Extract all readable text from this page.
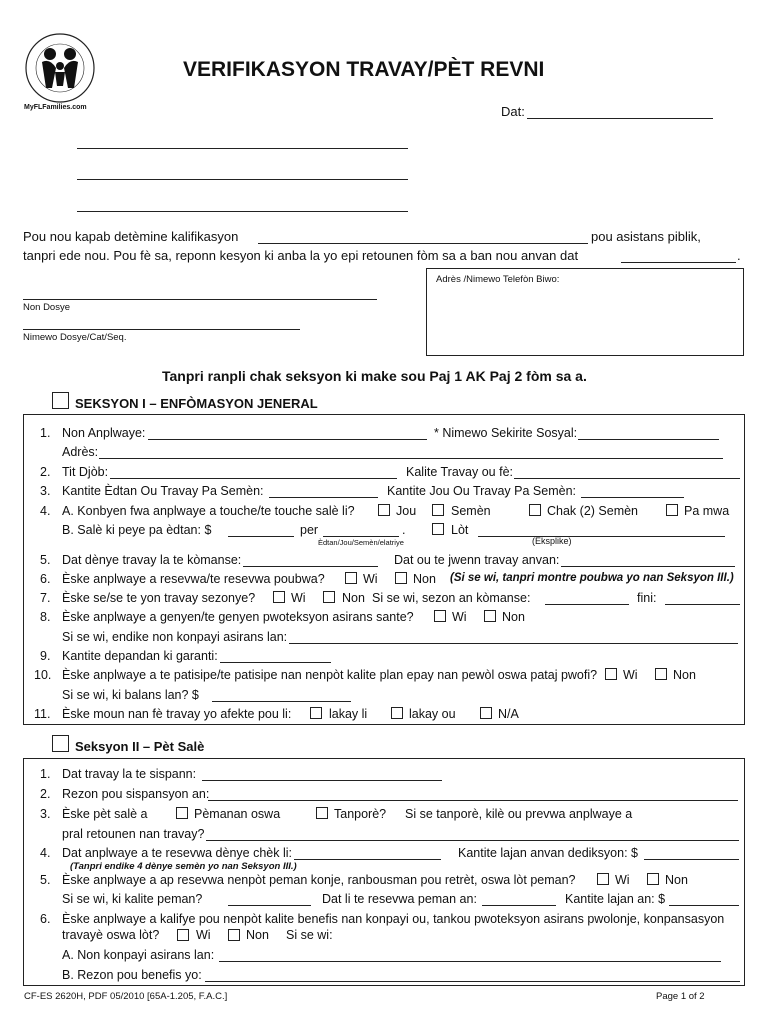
MyFLFamilies.com
VERIFIKASYON TRAVAY/PÈT REVNI
Dat:
Pou nou kapab detèmine kalifikasyon	pou asistans piblik,
tanpri ede nou. Pou fè sa, reponn kesyon ki anba la yo epi retounen fòm sa a ban nou anvan dat	.
Adrès /Nimewo Telefòn Biwo:
Non Dosye
Nimewo Dosye/Cat/Seq.
Tanpri ranpli chak seksyon ki make sou Paj 1 AK Paj 2 fòm sa a.
SEKSYON I – ENFÒMASYON JENERAL
1. Non Anplwaye:	* Nimewo Sekirite Sosyal:
Adrès:
2. Tit Djòb:	Kalite Travay ou fè:
3. Kantite Èdtan Ou Travay Pa Semèn:	Kantite Jou Ou Travay Pa Semèn:
4. A. Konbyen fwa anplwaye a touche/te touche salè li?	Jou	Semèn	Chak (2) Semèn	Pa mwa
B. Salè ki peye pa èdtan: $	per	.	Lòt
Èdtan/Jou/Semèn/elatriye	(Eksplike)
5. Dat dènye travay la te kòmanse:	Dat ou te jwenn travay anvan:
6. Èske anplwaye a resevwa/te resevwa poubwa?	Wi	Non (Si se wi, tanpri montre poubwa yo nan Seksyon III.)
7. Èske se/se te yon travay sezonye?	Wi	Non Si se wi, sezon an kòmanse:	fini:
8. Èske anplwaye a genyen/te genyen pwoteksyon asirans sante?	Wi	Non
Si se wi, endike non konpayi asirans lan:
9. Kantite depandan ki garanti:
10. Èske anplwaye a te patisipe/te patisipe nan nenpòt kalite plan epay nan pewòl oswa pataj pwofi? Wi	Non
Si se wi, ki balans lan? $
11. Èske moun nan fè travay yo afekte pou li:	lakay li	lakay ou	N/A
Seksyon II – Pèt Salè
1. Dat travay la te sispann:
2. Rezon pou sispansyon an:
3. Èske pèt salè a	Pèmanan oswa	Tanporè? Si se tanporè, kilè ou prevwa anplwaye a
pral retounen nan travay?
4. Dat anplwaye a te resevwa dènye chèk li:	Kantite lajan anvan dediksyon: $
(Tanpri endike 4 dènye semèn yo nan Seksyon III.)
5. Èske anplwaye a ap resevwa nenpòt peman konje, ranbousman pou retrèt, oswa lòt peman?	Wi	Non
Si se wi, ki kalite peman?	Dat li te resevwa peman an:	Kantite lajan an: $
6. Èske anplwaye a kalifye pou nenpòt kalite benefis nan konpayi ou, tankou pwoteksyon asirans pwolonje, konpansasyon
travayè oswa lòt?	Wi	Non Si se wi:
A. Non konpayi asirans lan:
B. Rezon pou benefis yo:
CF-ES 2620H, PDF 05/2010 [65A-1.205, F.A.C.]	Page 1 of 2
